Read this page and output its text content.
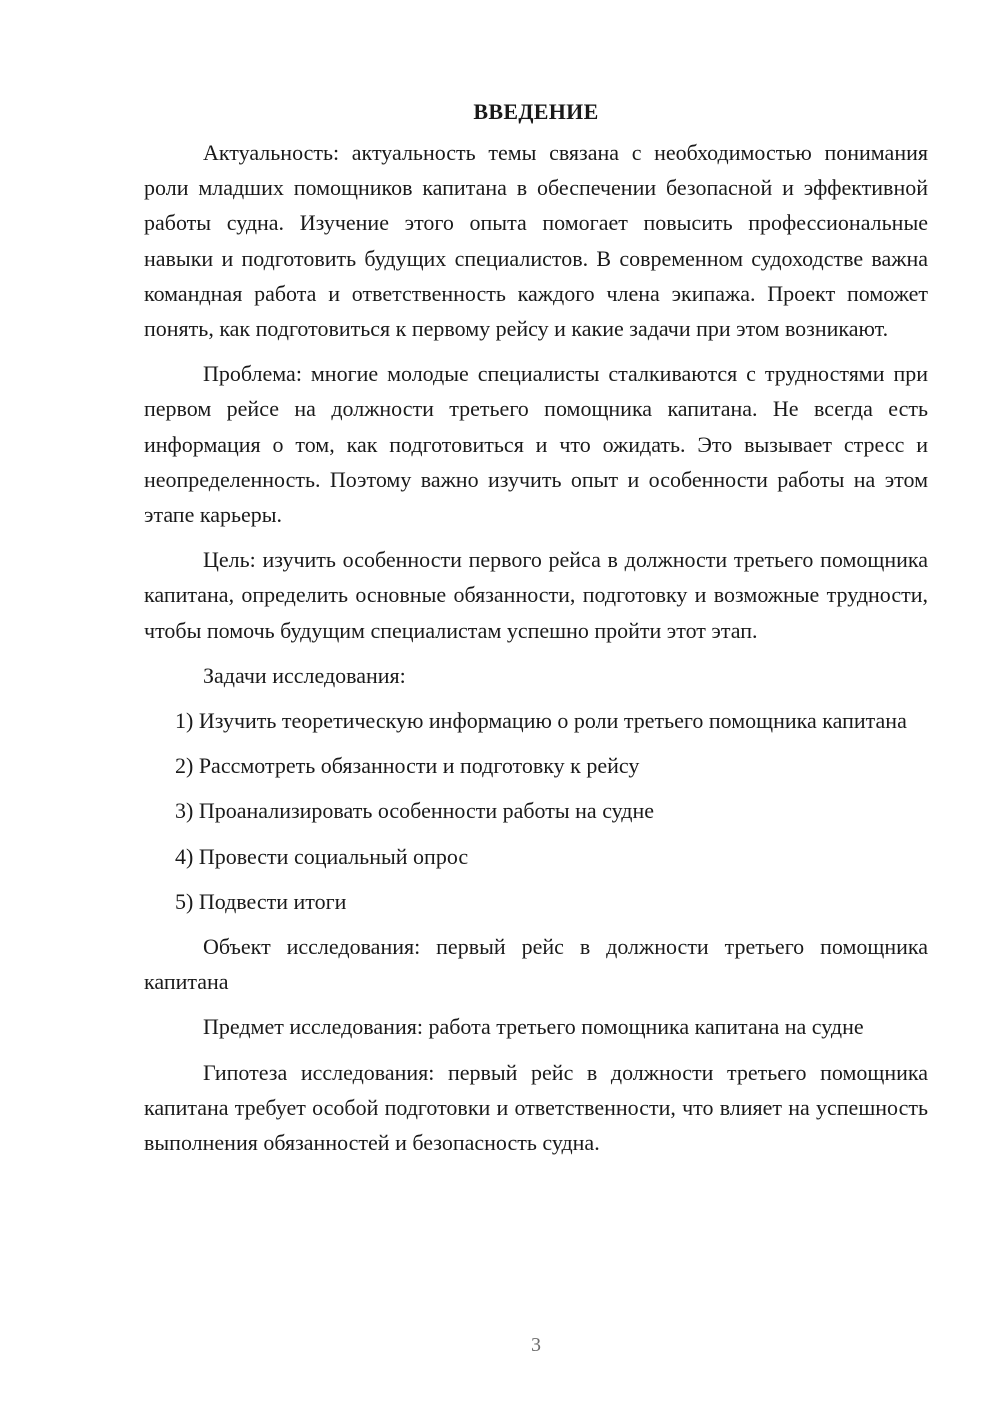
ВВЕДЕНИЕ

Актуальность: актуальность темы связана с необходимостью понимания роли младших помощников капитана в обеспечении безопасной и эффективной работы судна. Изучение этого опыта помогает повысить профессиональные навыки и подготовить будущих специалистов. В современном судоходстве важна командная работа и ответственность каждого члена экипажа. Проект поможет понять, как подготовиться к первому рейсу и какие задачи при этом возникают.

Проблема: многие молодые специалисты сталкиваются с трудностями при первом рейсе на должности третьего помощника капитана. Не всегда есть информация о том, как подготовиться и что ожидать. Это вызывает стресс и неопределенность. Поэтому важно изучить опыт и особенности работы на этом этапе карьеры.

Цель: изучить особенности первого рейса в должности третьего помощника капитана, определить основные обязанности, подготовку и возможные трудности, чтобы помочь будущим специалистам успешно пройти этот этап.

Задачи исследования:

1) Изучить теоретическую информацию о роли третьего помощника капитана

2) Рассмотреть обязанности и подготовку к рейсу

3) Проанализировать особенности работы на судне

4) Провести социальный опрос

5) Подвести итоги

Объект исследования: первый рейс в должности третьего помощника капитана

Предмет исследования: работа третьего помощника капитана на судне

Гипотеза исследования: первый рейс в должности третьего помощника капитана требует особой подготовки и ответственности, что влияет на успешность выполнения обязанностей и безопасность судна.

3
